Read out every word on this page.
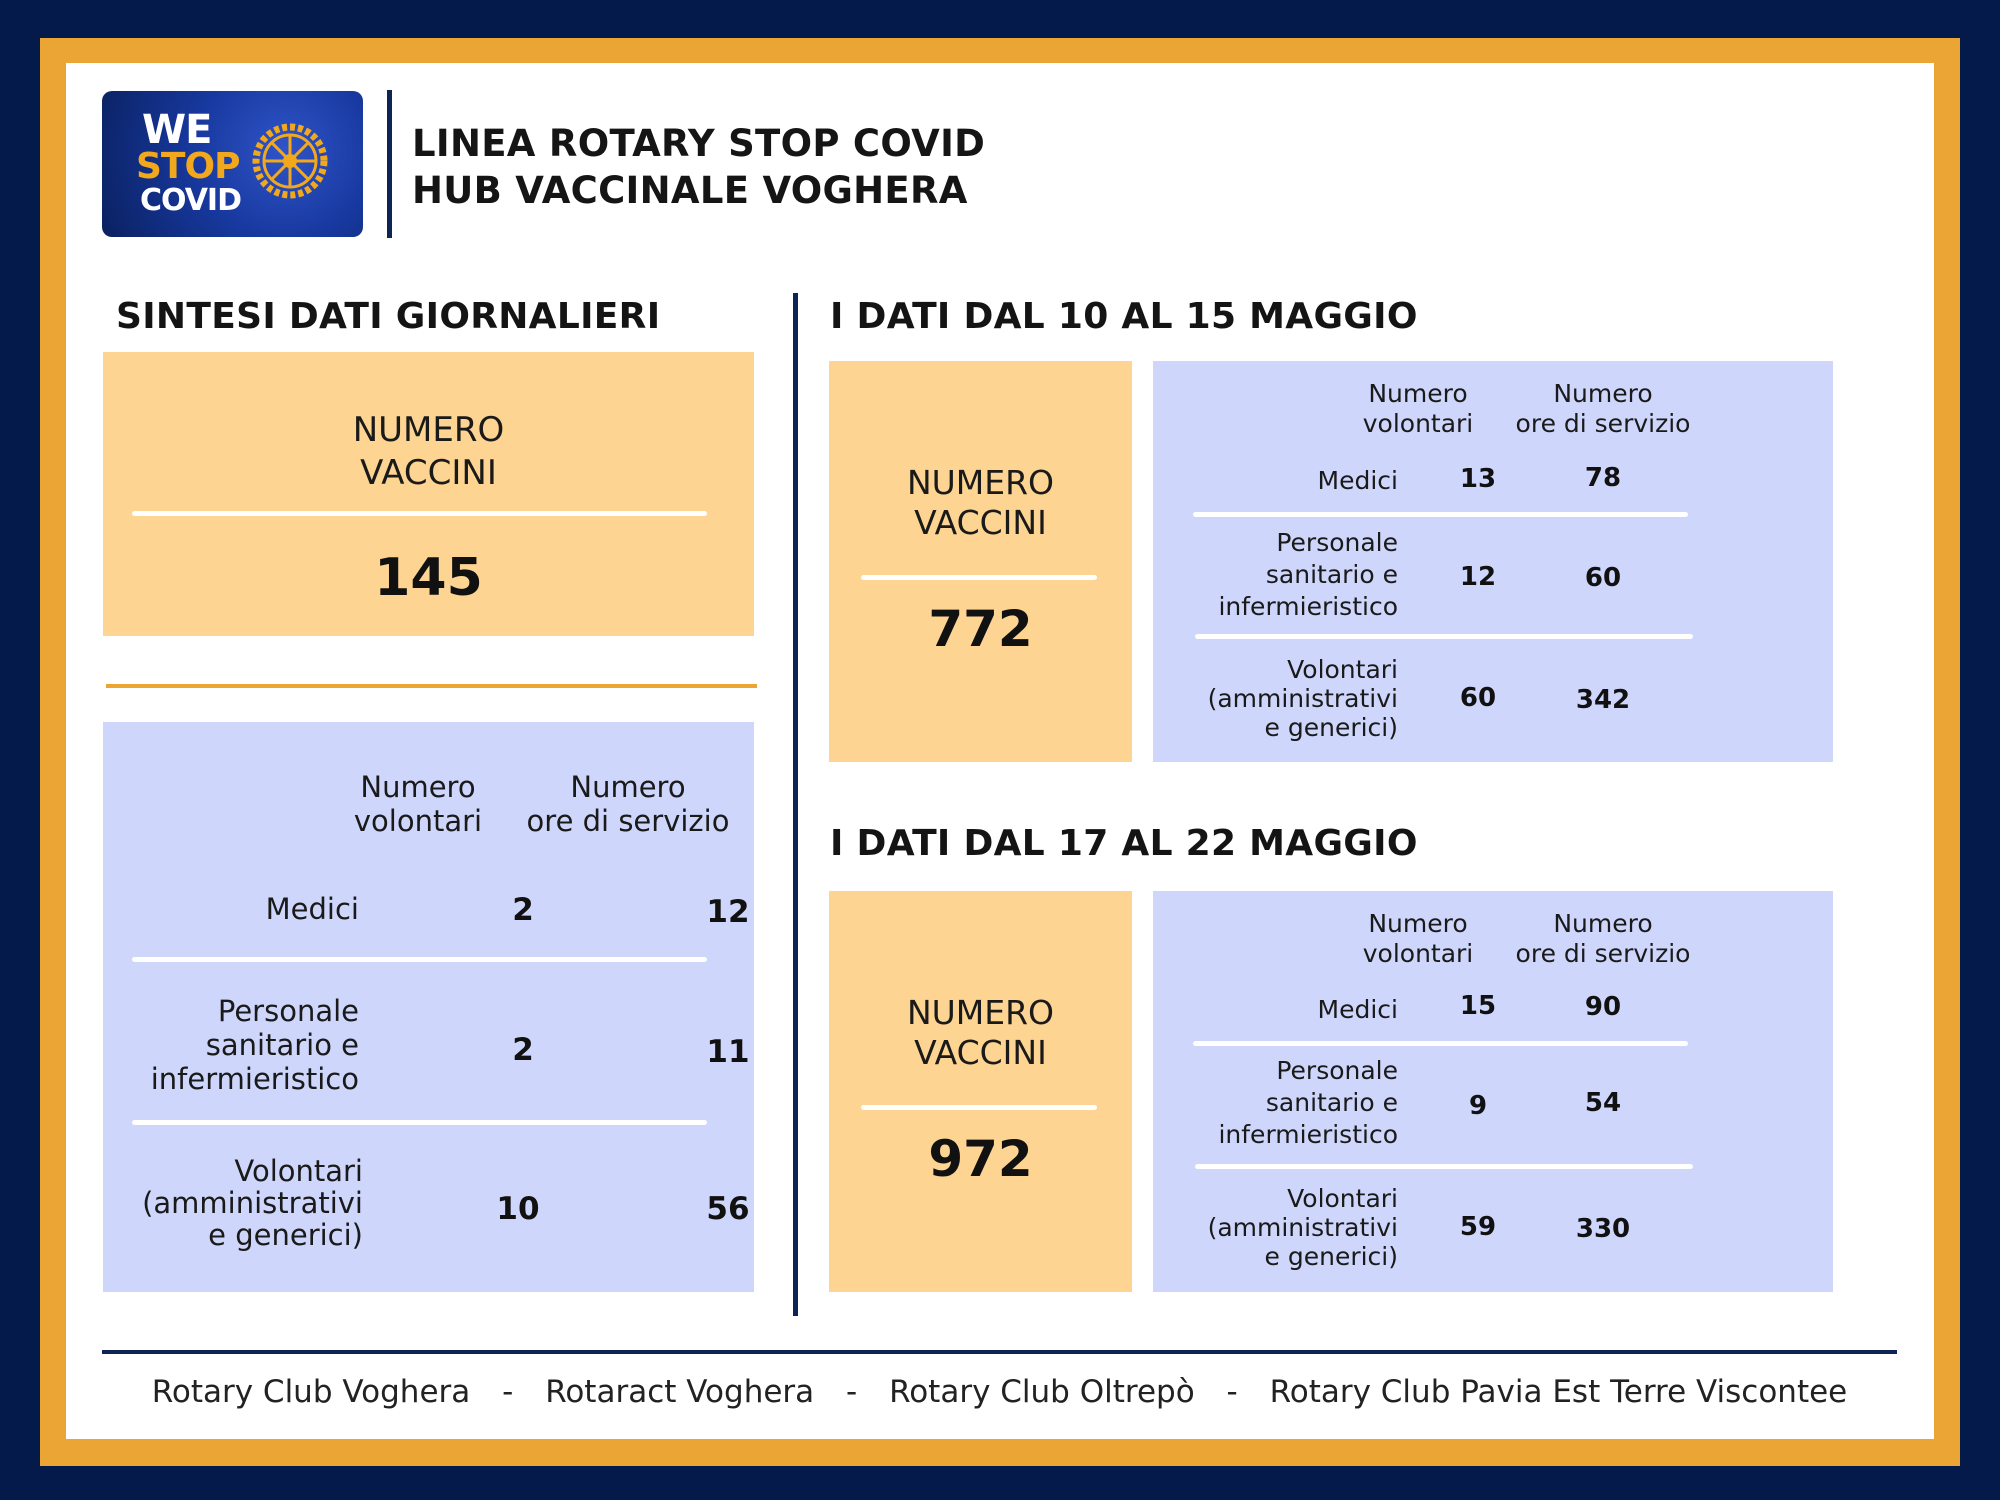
WE
STOP
COVID
LINEA ROTARY STOP COVID
HUB VACCINALE VOGHERA
SINTESI DATI GIORNALIERI
NUMERO
VACCINI
145
Numero
volontari
Numero
ore di servizio
Medici	2	12
Personale
sanitario e
infermieristico
2	11
Volontari
(amministrativi
e generici)
10	56
I DATI DAL 10 AL 15 MAGGIO
NUMERO
VACCINI
772
Numero
volontari
Numero
ore di servizio
Medici 13	78
Personale
sanitario e
infermieristico
12	60
Volontari
(amministrativi
e generici)
60	342
I DATI DAL 17 AL 22 MAGGIO
NUMERO
VACCINI
972
Numero
volontari
Numero
ore di servizio
Medici 15	90
Personale
sanitario e
infermieristico
9	54
Volontari
(amministrativi
e generici)
59	330
Rotary Club Voghera - Rotaract Voghera - Rotary Club Oltrepò - Rotary Club Pavia Est Terre Viscontee
